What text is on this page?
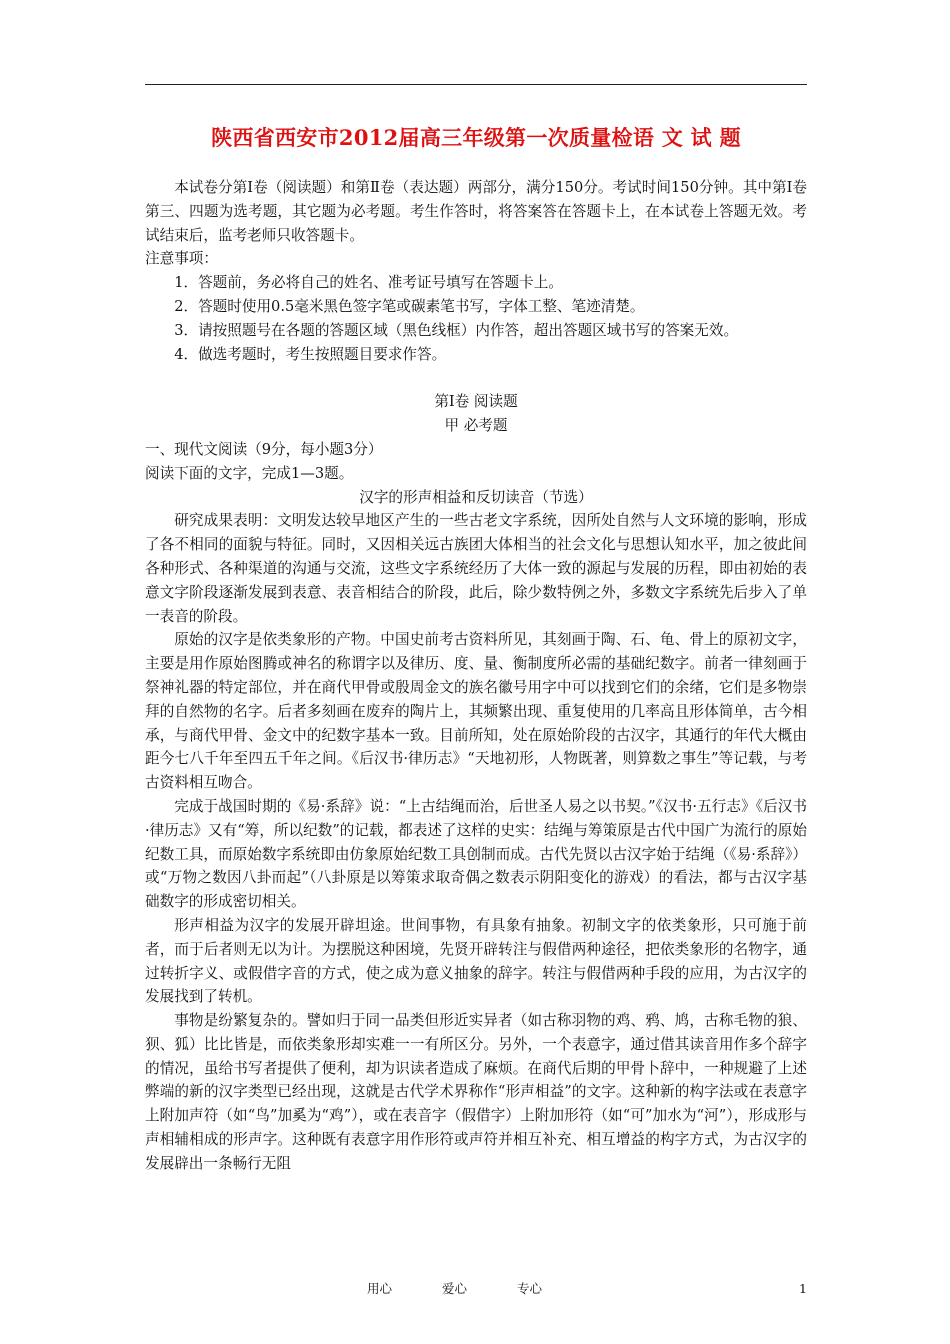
陕西省西安市2012届高三年级第一次质量检语 文 试 题

本试卷分第Ⅰ卷（阅读题）和第Ⅱ卷（表达题）两部分，满分150分。考试时间150分钟。其中第Ⅰ卷第三、四题为选考题，其它题为必考题。考生作答时，将答案答在答题卡上，在本试卷上答题无效。考试结束后，监考老师只收答题卡。

注意事项：

1．答题前，务必将自己的姓名、准考证号填写在答题卡上。

2．答题时使用0.5毫米黑色签字笔或碳素笔书写，字体工整、笔迹清楚。

3．请按照题号在各题的答题区域（黑色线框）内作答，超出答题区域书写的答案无效。

4．做选考题时，考生按照题目要求作答。

第Ⅰ卷 阅读题

甲 必考题

一、现代文阅读（9分，每小题3分）

阅读下面的文字，完成1—3题。

汉字的形声相益和反切读音（节选）

研究成果表明：文明发达较早地区产生的一些古老文字系统，因所处自然与人文环境的影响，形成了各不相同的面貌与特征。同时，又因相关远古族团大体相当的社会文化与思想认知水平，加之彼此间各种形式、各种渠道的沟通与交流，这些文字系统经历了大体一致的源起与发展的历程，即由初始的表意文字阶段逐渐发展到表意、表音相结合的阶段，此后，除少数特例之外，多数文字系统先后步入了单一表音的阶段。

原始的汉字是依类象形的产物。中国史前考古资料所见，其刻画于陶、石、龟、骨上的原初文字，主要是用作原始图腾或神名的称谓字以及律历、度、量、衡制度所必需的基础纪数字。前者一律刻画于祭神礼器的特定部位，并在商代甲骨或殷周金文的族名徽号用字中可以找到它们的余绪，它们是多物崇拜的自然物的名字。后者多刻画在废弃的陶片上，其频繁出现、重复使用的几率高且形体简单，古今相承，与商代甲骨、金文中的纪数字基本一致。目前所知，处在原始阶段的古汉字，其通行的年代大概由距今七八千年至四五千年之间。《后汉书·律历志》“天地初形，人物既著，则算数之事生”等记载，与考古资料相互吻合。

完成于战国时期的《易·系辞》说：“上古结绳而治，后世圣人易之以书契。”《汉书·五行志》《后汉书·律历志》又有“筹，所以纪数”的记载，都表述了这样的史实：结绳与筹策原是古代中国广为流行的原始纪数工具，而原始数字系统即由仿象原始纪数工具创制而成。古代先贤以古汉字始于结绳（《易·系辞》）或“万物之数因八卦而起”（八卦原是以筹策求取奇偶之数表示阴阳变化的游戏）的看法，都与古汉字基础数字的形成密切相关。

形声相益为汉字的发展开辟坦途。世间事物，有具象有抽象。初制文字的依类象形，只可施于前者，而于后者则无以为计。为摆脱这种困境，先贤开辟转注与假借两种途径，把依类象形的名物字，通过转折字义、或假借字音的方式，使之成为意义抽象的辞字。转注与假借两种手段的应用，为古汉字的发展找到了转机。

事物是纷繁复杂的。譬如归于同一品类但形近实异者（如古称羽物的鸡、鸦、鸠，古称毛物的狼、狈、狐）比比皆是，而依类象形却实难一一有所区分。另外，一个表意字，通过借其读音用作多个辞字的情况，虽给书写者提供了便利，却为识读者造成了麻烦。在商代后期的甲骨卜辞中，一种规避了上述弊端的新的汉字类型已经出现，这就是古代学术界称作“形声相益”的文字。这种新的构字法或在表意字上附加声符（如“鸟”加奚为“鸡”），或在表音字（假借字）上附加形符（如“可”加水为“河”），形成形与声相辅相成的形声字。这种既有表意字用作形符或声符并相互补充、相互增益的构字方式，为古汉字的发展辟出一条畅行无阻

用心	爱心	专心	1
